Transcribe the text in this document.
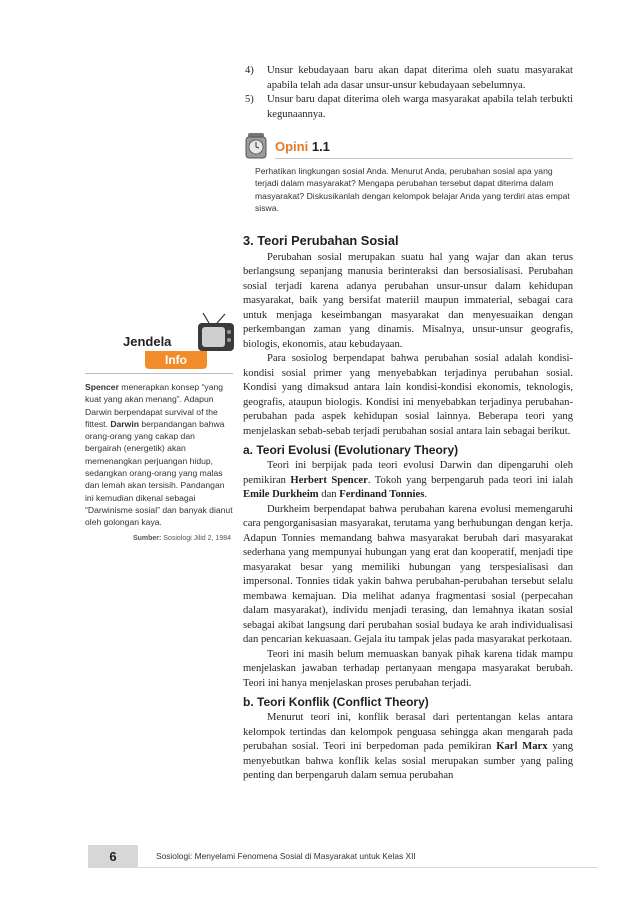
4) Unsur kebudayaan baru akan dapat diterima oleh suatu masyarakat apabila telah ada dasar unsur-unsur kebudayaan sebelumnya.
5) Unsur baru dapat diterima oleh warga masyarakat apabila telah terbukti kegunaannya.
Opini 1.1
Perhatikan lingkungan sosial Anda. Menurut Anda, perubahan sosial apa yang terjadi dalam masyarakat? Mengapa perubahan tersebut dapat diterima dalam masyarakat? Diskusikanlah dengan kelompok belajar Anda yang terdiri atas empat siswa.
3. Teori Perubahan Sosial

Perubahan sosial merupakan suatu hal yang wajar dan akan terus berlangsung sepanjang manusia berinteraksi dan bersosialisasi. Perubahan sosial terjadi karena adanya perubahan unsur-unsur dalam kehidupan masyarakat, baik yang bersifat materiil maupun immaterial, sebagai cara untuk menjaga keseimbangan masyarakat dan menyesuaikan dengan perkembangan zaman yang dinamis. Misalnya, unsur-unsur geografis, biologis, ekonomis, atau kebudayaan.

Para sosiolog berpendapat bahwa perubahan sosial adalah kondisi-kondisi sosial primer yang menyebabkan terjadinya perubahan sosial. Kondisi yang dimaksud antara lain kondisi-kondisi ekonomis, teknologis, geografis, ataupun biologis. Kondisi ini menyebabkan terjadinya perubahan-perubahan pada aspek kehidupan sosial lainnya. Beberapa teori yang menjelaskan sebab-sebab terjadi perubahan sosial antara lain sebagai berikut.

a. Teori Evolusi (Evolutionary Theory)

Teori ini berpijak pada teori evolusi Darwin dan dipengaruhi oleh pemikiran Herbert Spencer. Tokoh yang berpengaruh pada teori ini ialah Emile Durkheim dan Ferdinand Tonnies.

Durkheim berpendapat bahwa perubahan karena evolusi memengaruhi cara pengorganisasian masyarakat, terutama yang berhubungan dengan kerja. Adapun Tonnies memandang bahwa masyarakat berubah dari masyarakat sederhana yang mempunyai hubungan yang erat dan kooperatif, menjadi tipe masyarakat besar yang memiliki hubungan yang terspesialisasi dan impersonal. Tonnies tidak yakin bahwa perubahan-perubahan tersebut selalu membawa kemajuan. Dia melihat adanya fragmentasi sosial (perpecahan dalam masyarakat), individu menjadi terasing, dan lemahnya ikatan sosial sebagai akibat langsung dari perubahan sosial budaya ke arah individualisasi dan pencarian kekuasaan. Gejala itu tampak jelas pada masyarakat perkotaan.

Teori ini masih belum memuaskan banyak pihak karena tidak mampu menjelaskan jawaban terhadap pertanyaan mengapa masyarakat berubah. Teori ini hanya menjelaskan proses perubahan terjadi.

b. Teori Konflik (Conflict Theory)

Menurut teori ini, konflik berasal dari pertentangan kelas antara kelompok tertindas dan kelompok penguasa sehingga akan mengarah pada perubahan sosial. Teori ini berpedoman pada pemikiran Karl Marx yang menyebutkan bahwa konflik kelas sosial merupakan sumber yang paling penting dan berpengaruh dalam semua perubahan

Jendela
Info
Spencer menerapkan konsep “yang kuat yang akan menang”. Adapun Darwin berpendapat survival of the fittest. Darwin berpandangan bahwa orang-orang yang cakap dan bergairah (energetik) akan memenangkan perjuangan hidup, sedangkan orang-orang yang malas dan lemah akan tersisih. Pandangan ini kemudian dikenal sebagai “Darwinisme sosial” dan banyak dianut oleh golongan kaya.
Sumber: Sosiologi Jilid 2, 1984
6	Sosiologi: Menyelami Fenomena Sosial di Masyarakat untuk Kelas XII
